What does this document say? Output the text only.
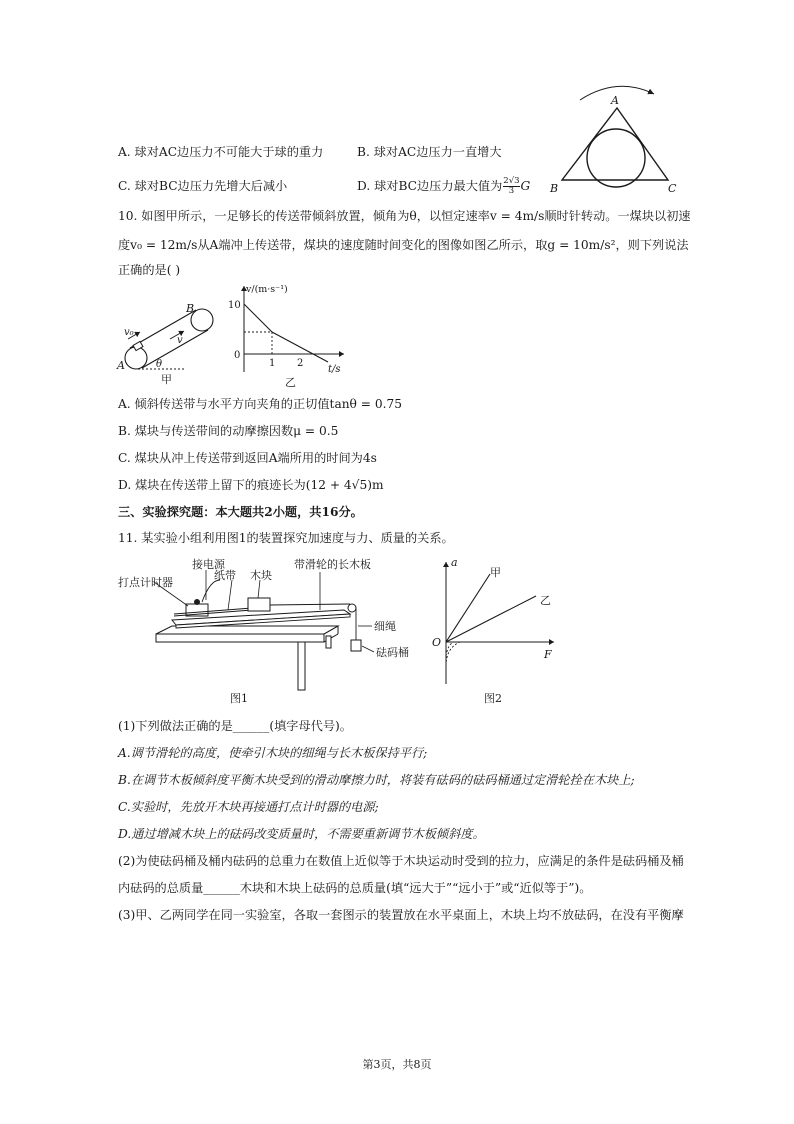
A. 球对AC边压力不可能大于球的重力	B. 球对AC边压力一直增大
C. 球对BC边压力先增大后减小	D. 球对BC边压力最大值为 $\frac{2√3}{3}$ G
A
B	C
10. 如图甲所示，一足够长的传送带倾斜放置，倾角为θ，以恒定速率v = 4m/s顺时针转动。一煤块以初速
度v₀ = 12m/s从A端冲上传送带，煤块的速度随时间变化的图像如图乙所示，取g = 10m/s²，则下列说法
正确的是( )
B
A
v₀
v
θ
甲
v/(m·s⁻¹)
10
0
1 2
t/s
乙
A. 倾斜传送带与水平方向夹角的正切值tanθ = 0.75
B. 煤块与传送带间的动摩擦因数μ = 0.5
C. 煤块从冲上传送带到返回A端所用的时间为4s
D. 煤块在传送带上留下的痕迹长为(12 + 4√5)m
三、实验探究题：本大题共2小题，共16分。
11. 某实验小组利用图1的装置探究加速度与力、质量的关系。
接电源
打点计时器
纸带 木块
带滑轮的长木板
细绳
砝码桶
图1
a
甲
乙
O
F
图2
(1)下列做法正确的是______(填字母代号)。
A.调节滑轮的高度，使牵引木块的细绳与长木板保持平行;
B.在调节木板倾斜度平衡木块受到的滑动摩擦力时，将装有砝码的砝码桶通过定滑轮拴在木块上;
C.实验时，先放开木块再接通打点计时器的电源;
D.通过增减木块上的砝码改变质量时，不需要重新调节木板倾斜度。
(2)为使砝码桶及桶内砝码的总重力在数值上近似等于木块运动时受到的拉力，应满足的条件是砝码桶及桶
内砝码的总质量______木块和木块上砝码的总质量(填“远大于”“远小于”或“近似等于”)。
(3)甲、乙两同学在同一实验室，各取一套图示的装置放在水平桌面上，木块上均不放砝码，在没有平衡摩
第3页，共8页
